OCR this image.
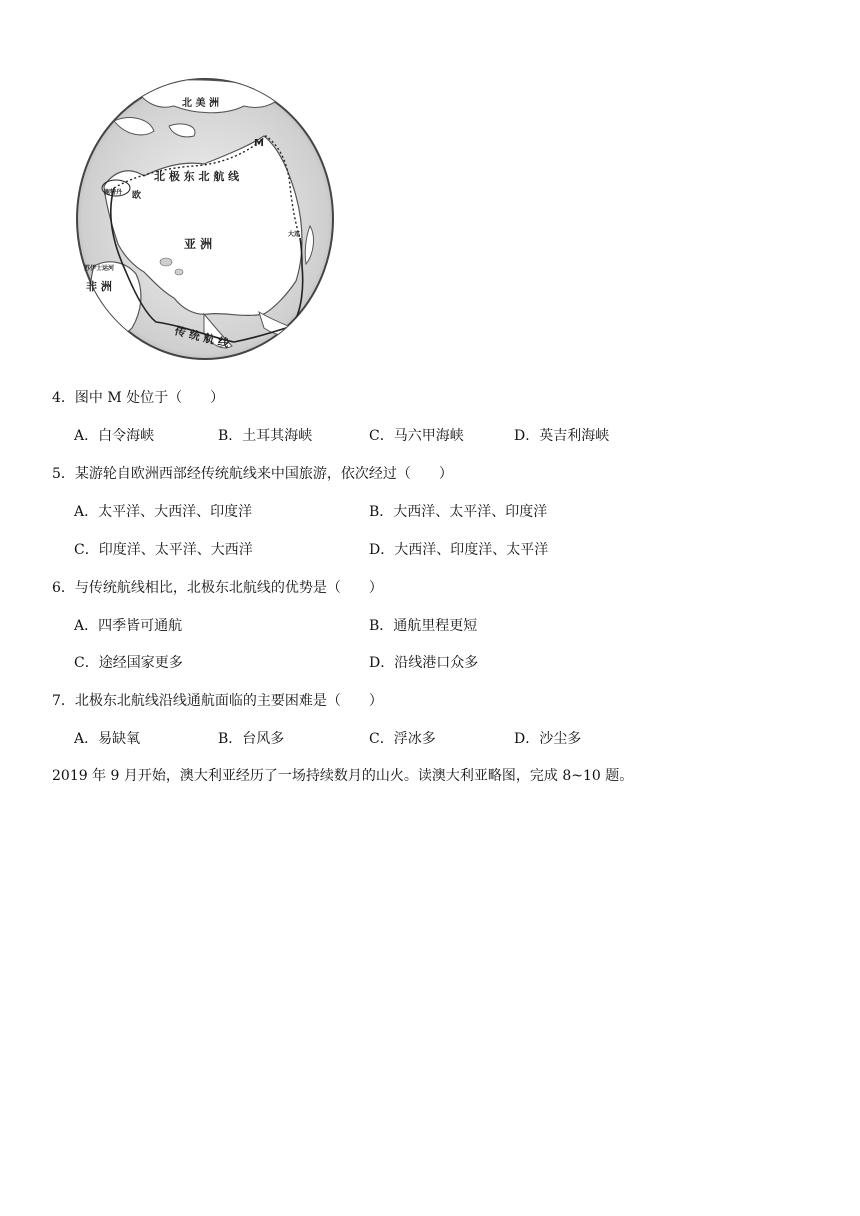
北 美 洲
北 极 东 北 航 线
M
欧
鹿特丹
亚 洲
大连
苏伊士运河
非 洲
传 统 航 线
4．图中 M 处位于（　　）
A．白令海峡	B．土耳其海峡	C．马六甲海峡	D．英吉利海峡
5．某游轮自欧洲西部经传统航线来中国旅游，依次经过（　　）
A．太平洋、大西洋、印度洋	B．大西洋、太平洋、印度洋
C．印度洋、太平洋、大西洋	D．大西洋、印度洋、太平洋
6．与传统航线相比，北极东北航线的优势是（　　）
A．四季皆可通航	B．通航里程更短
C．途经国家更多	D．沿线港口众多
7．北极东北航线沿线通航面临的主要困难是（　　）
A．易缺氧	B．台风多	C．浮冰多	D．沙尘多
2019 年 9 月开始，澳大利亚经历了一场持续数月的山火。读澳大利亚略图，完成 8~10 题。
